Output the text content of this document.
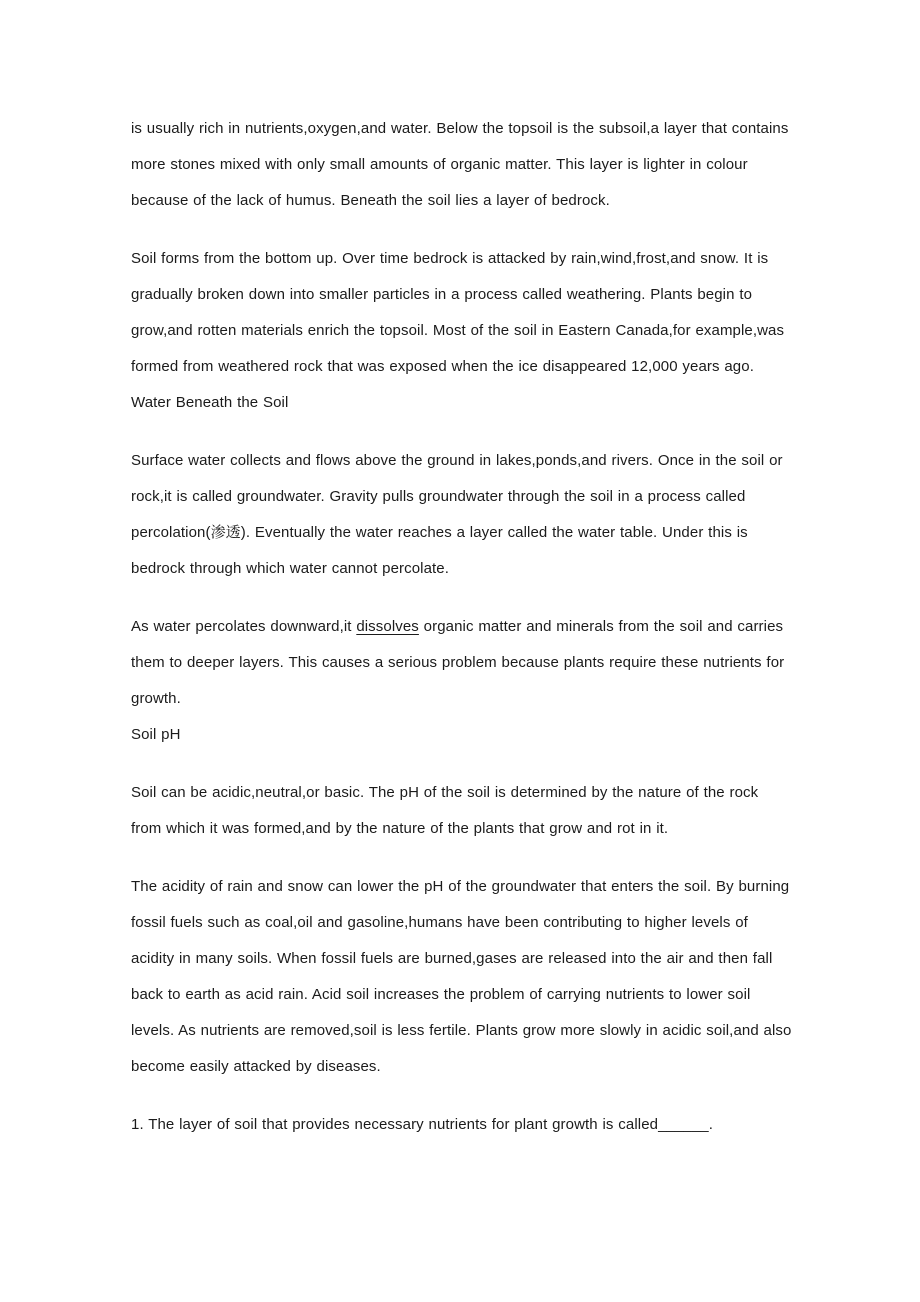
is usually rich in nutrients,oxygen,and water. Below the topsoil is the subsoil,a layer that contains more stones mixed with only small amounts of organic matter. This layer is lighter in colour because of the lack of humus. Beneath the soil lies a layer of bedrock.

Soil forms from the bottom up. Over time bedrock is attacked by rain,wind,frost,and snow. It is gradually broken down into smaller particles in a process called weathering. Plants begin to grow,and rotten materials enrich the topsoil. Most of the soil in Eastern Canada,for example,was formed from weathered rock that was exposed when the ice disappeared 12,000 years ago.

Water Beneath the Soil

Surface water collects and flows above the ground in lakes,ponds,and rivers. Once in the soil or rock,it is called groundwater. Gravity pulls groundwater through the soil in a process called percolation(渗透). Eventually the water reaches a layer called the water table. Under this is bedrock through which water cannot percolate.

As water percolates downward,it dissolves organic matter and minerals from the soil and carries them to deeper layers. This causes a serious problem because plants require these nutrients for growth.

Soil pH

Soil can be acidic,neutral,or basic. The pH of the soil is determined by the nature of the rock from which it was formed,and by the nature of the plants that grow and rot in it.

The acidity of rain and snow can lower the pH of the groundwater that enters the soil. By burning fossil fuels such as coal,oil and gasoline,humans have been contributing to higher levels of acidity in many soils. When fossil fuels are burned,gases are released into the air and then fall back to earth as acid rain. Acid soil increases the problem of carrying nutrients to lower soil levels. As nutrients are removed,soil is less fertile. Plants grow more slowly in acidic soil,and also become easily attacked by diseases.

1. The layer of soil that provides necessary nutrients for plant growth is called______.
